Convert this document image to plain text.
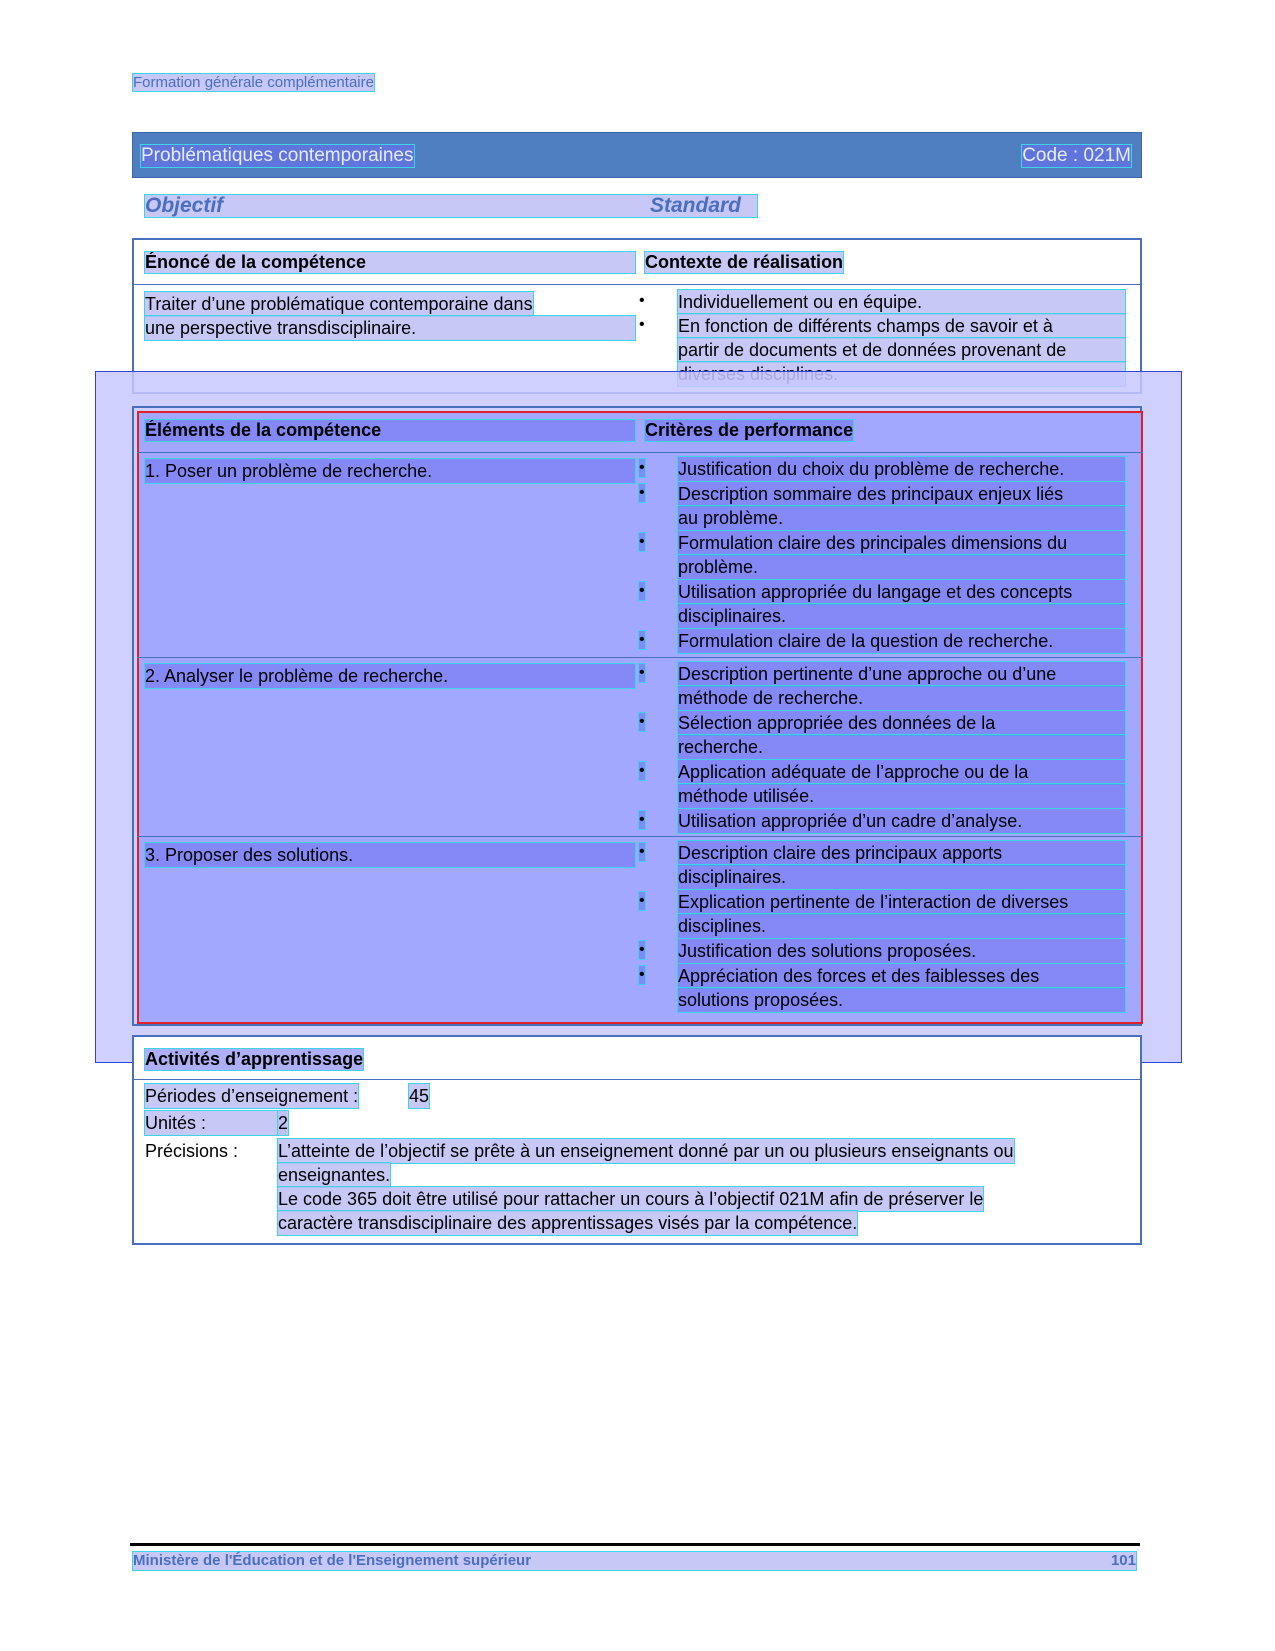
Formation générale complémentaire
Problématiques contemporaines	Code : 021M
Objectif	Standard
Énoncé de la compétence	Contexte de réalisation
Traiter d’une problématique contemporaine dans
une perspective transdisciplinaire.
• Individuellement ou en équipe.
• En fonction de différents champs de savoir et à
partir de documents et de données provenant de
Éléments de la compétence	Critères de performance
1. Poser un problème de recherche.	• Justification du choix du problème de recherche.
• Description sommaire des principaux enjeux liés
au problème.
• Formulation claire des principales dimensions du
problème.
• Utilisation appropriée du langage et des concepts
disciplinaires.
• Formulation claire de la question de recherche.
2. Analyser le problème de recherche.	• Description pertinente d’une approche ou d’une
méthode de recherche.
• Sélection appropriée des données de la
recherche.
• Application adéquate de l’approche ou de la
méthode utilisée.
• Utilisation appropriée d’un cadre d’analyse.
3. Proposer des solutions.	• Description claire des principaux apports
disciplinaires.
• Explication pertinente de l’interaction de diverses
disciplines.
• Justification des solutions proposées.
• Appréciation des forces et des faiblesses des
solutions proposées.
Activités d’apprentissage
Périodes d’enseignement :	45
Unités :	2
Précisions : L’atteinte de l’objectif se prête à un enseignement donné par un ou plusieurs enseignants ou
enseignantes.
Le code 365 doit être utilisé pour rattacher un cours à l’objectif 021M afin de préserver le
caractère transdisciplinaire des apprentissages visés par la compétence.
Ministère de l'Éducation et de l'Enseignement supérieur	101
